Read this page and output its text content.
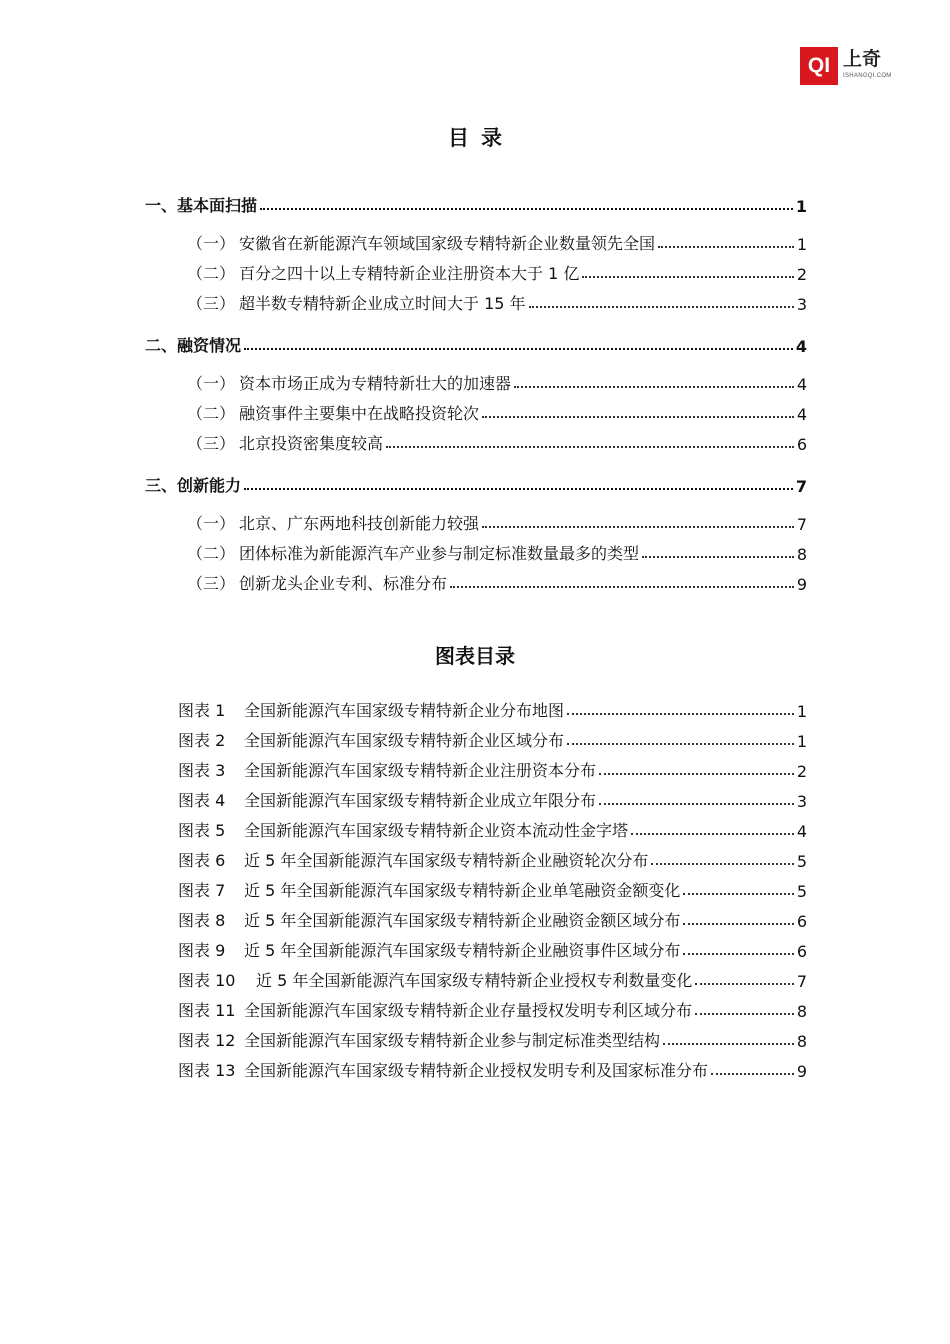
QI 上奇
ISHANGQI.COM
目录
一、基本面扫描	1
（一） 安徽省在新能源汽车领域国家级专精特新企业数量领先全国	1
（二） 百分之四十以上专精特新企业注册资本大于 1 亿	2
（三） 超半数专精特新企业成立时间大于 15 年	3
二、融资情况	4
（一） 资本市场正成为专精特新壮大的加速器	4
（二） 融资事件主要集中在战略投资轮次	4
（三） 北京投资密集度较高	6
三、创新能力	7
（一） 北京、广东两地科技创新能力较强	7
（二） 团体标准为新能源汽车产业参与制定标准数量最多的类型	8
（三） 创新龙头企业专利、标准分布	9
图表目录
图表 1 全国新能源汽车国家级专精特新企业分布地图	1
图表 2 全国新能源汽车国家级专精特新企业区域分布	1
图表 3 全国新能源汽车国家级专精特新企业注册资本分布	2
图表 4 全国新能源汽车国家级专精特新企业成立年限分布	3
图表 5 全国新能源汽车国家级专精特新企业资本流动性金字塔	4
图表 6 近 5 年全国新能源汽车国家级专精特新企业融资轮次分布	5
图表 7 近 5 年全国新能源汽车国家级专精特新企业单笔融资金额变化	5
图表 8 近 5 年全国新能源汽车国家级专精特新企业融资金额区域分布	6
图表 9 近 5 年全国新能源汽车国家级专精特新企业融资事件区域分布	6
图表 10 近 5 年全国新能源汽车国家级专精特新企业授权专利数量变化	7
图表 11 全国新能源汽车国家级专精特新企业存量授权发明专利区域分布	8
图表 12 全国新能源汽车国家级专精特新企业参与制定标准类型结构	8
图表 13 全国新能源汽车国家级专精特新企业授权发明专利及国家标准分布	9
